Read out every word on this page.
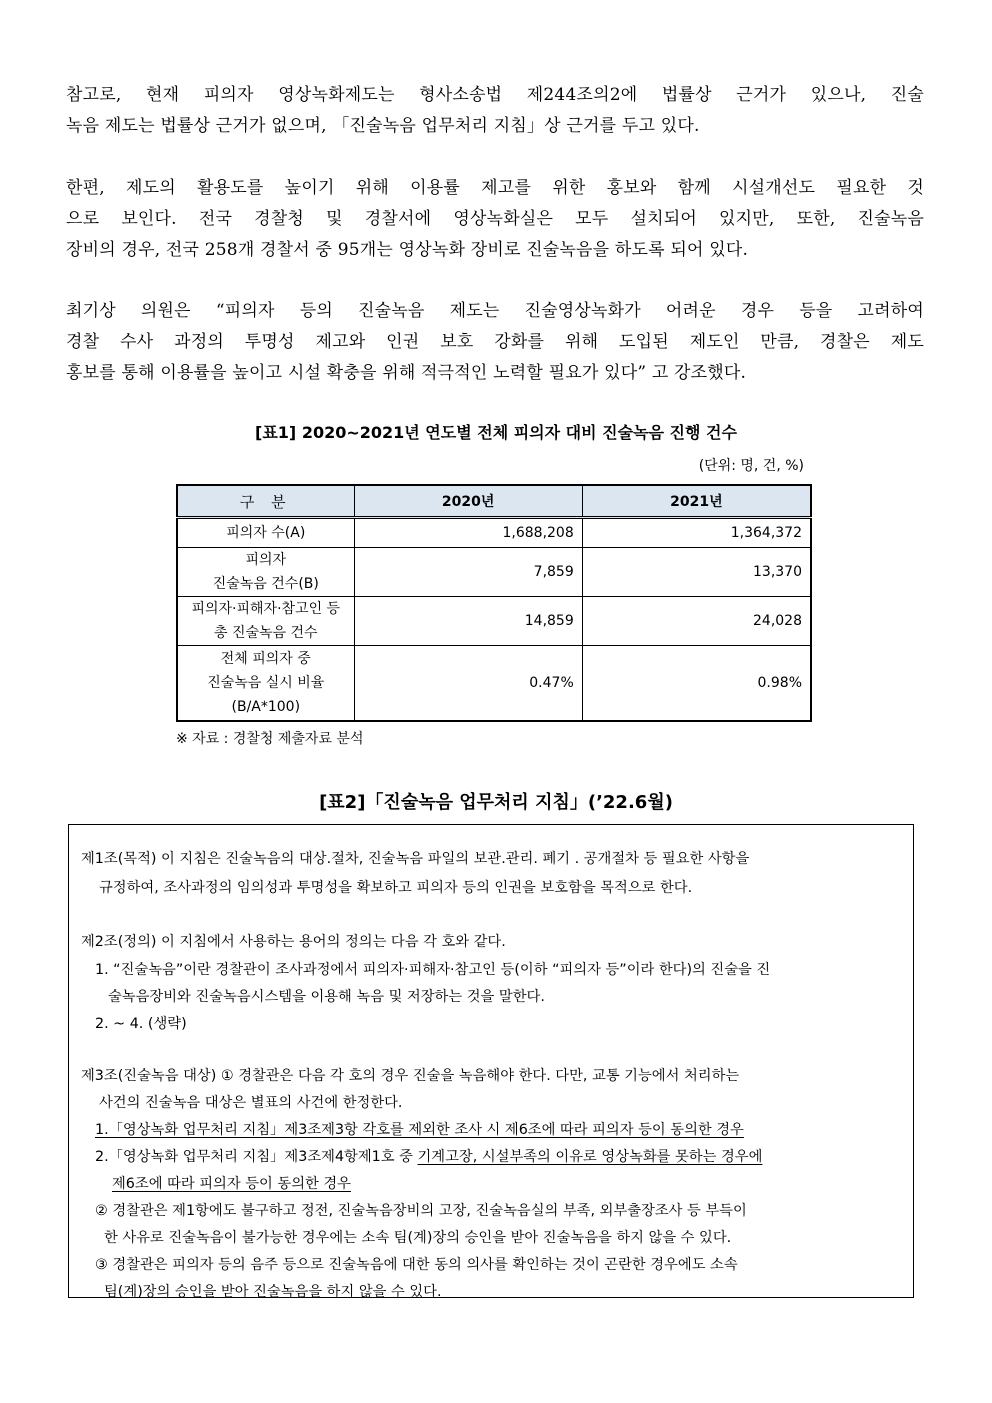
참고로, 현재 피의자 영상녹화제도는 형사소송법 제244조의2에 법률상 근거가 있으나, 진술
녹음 제도는 법률상 근거가 없으며, 「진술녹음 업무처리 지침」상 근거를 두고 있다.
한편, 제도의 활용도를 높이기 위해 이용률 제고를 위한 홍보와 함께 시설개선도 필요한 것
으로 보인다. 전국 경찰청 및 경찰서에 영상녹화실은 모두 설치되어 있지만, 또한, 진술녹음
장비의 경우, 전국 258개 경찰서 중 95개는 영상녹화 장비로 진술녹음을 하도록 되어 있다.
최기상 의원은 “피의자 등의 진술녹음 제도는 진술영상녹화가 어려운 경우 등을 고려하여
경찰 수사 과정의 투명성 제고와 인권 보호 강화를 위해 도입된 제도인 만큼, 경찰은 제도
홍보를 통해 이용률을 높이고 시설 확충을 위해 적극적인 노력할 필요가 있다” 고 강조했다.
[표1] 2020~2021년 연도별 전체 피의자 대비 진술녹음 진행 건수
(단위: 명, 건, %)
구 분	2020년	2021년
피의자 수(A)	1,688,208	1,364,372

피의자
진술녹음 건수(B)	7,859	13,370

피의자·피해자·참고인 등
총 진술녹음 건수	14,859	24,028

전체 피의자 중
진술녹음 실시 비율
(B/A*100)	0.47%	0.98%
※ 자료 : 경찰청 제출자료 분석
[표2]「진술녹음 업무처리 지침」(’22.6월)
제1조(목적) 이 지침은 진술녹음의 대상.절차, 진술녹음 파일의 보관.관리. 폐기 . 공개절차 등 필요한 사항을
규정하여, 조사과정의 임의성과 투명성을 확보하고 피의자 등의 인권을 보호함을 목적으로 한다.
제2조(정의) 이 지침에서 사용하는 용어의 정의는 다음 각 호와 같다.
1. “진술녹음”이란 경찰관이 조사과정에서 피의자·피해자·참고인 등(이하 “피의자 등”이라 한다)의 진술을 진
술녹음장비와 진술녹음시스템을 이용해 녹음 및 저장하는 것을 말한다.
2. ~ 4. (생략)
제3조(진술녹음 대상) ① 경찰관은 다음 각 호의 경우 진술을 녹음해야 한다. 다만, 교통 기능에서 처리하는
사건의 진술녹음 대상은 별표의 사건에 한정한다.
1.「영상녹화 업무처리 지침」제3조제3항 각호를 제외한 조사 시 제6조에 따라 피의자 등이 동의한 경우
2.「영상녹화 업무처리 지침」제3조제4항제1호 중 기계고장, 시설부족의 이유로 영상녹화를 못하는 경우에
제6조에 따라 피의자 등이 동의한 경우
② 경찰관은 제1항에도 불구하고 정전, 진술녹음장비의 고장, 진술녹음실의 부족, 외부출장조사 등 부득이
한 사유로 진술녹음이 불가능한 경우에는 소속 팀(계)장의 승인을 받아 진술녹음을 하지 않을 수 있다.
③ 경찰관은 피의자 등의 음주 등으로 진술녹음에 대한 동의 의사를 확인하는 것이 곤란한 경우에도 소속
팀(계)장의 승인을 받아 진술녹음을 하지 않을 수 있다.
